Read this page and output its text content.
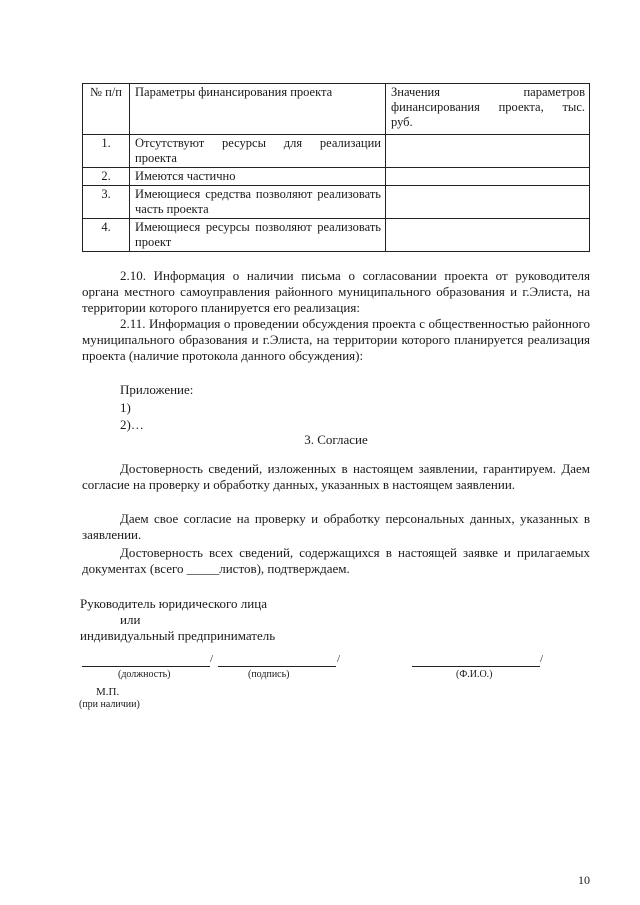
№ п/п	Параметры финансирования проекта	Значения параметров финансирования проекта, тыс. руб.
1.	Отсутствуют ресурсы для реализации проекта	
2.	Имеются частично	
3.	Имеющиеся средства позволяют реализовать часть проекта	
4.	Имеющиеся ресурсы позволяют реализовать проект	

2.10. Информация о наличии письма о согласовании проекта от руководителя органа местного самоуправления районного муниципального образования и г.Элиста, на территории которого планируется его реализация:

2.11. Информация о проведении обсуждения проекта с общественностью районного муниципального образования и г.Элиста, на территории которого планируется реализация проекта (наличие протокола данного обсуждения):

Приложение:

1)

2)…

3. Согласие

Достоверность сведений, изложенных в настоящем заявлении, гарантируем. Даем согласие на проверку и обработку данных, указанных в настоящем заявлении.

Даем свое согласие на проверку и обработку персональных данных, указанных в заявлении.

Достоверность всех сведений, содержащихся в настоящей заявке и прилагаемых документах (всего _____листов), подтверждаем.

Руководитель юридического лица
или
индивидуальный предприниматель
/	/	/
(должность)	(подпись)	(Ф.И.О.)
М.П.
(при наличии)
10
